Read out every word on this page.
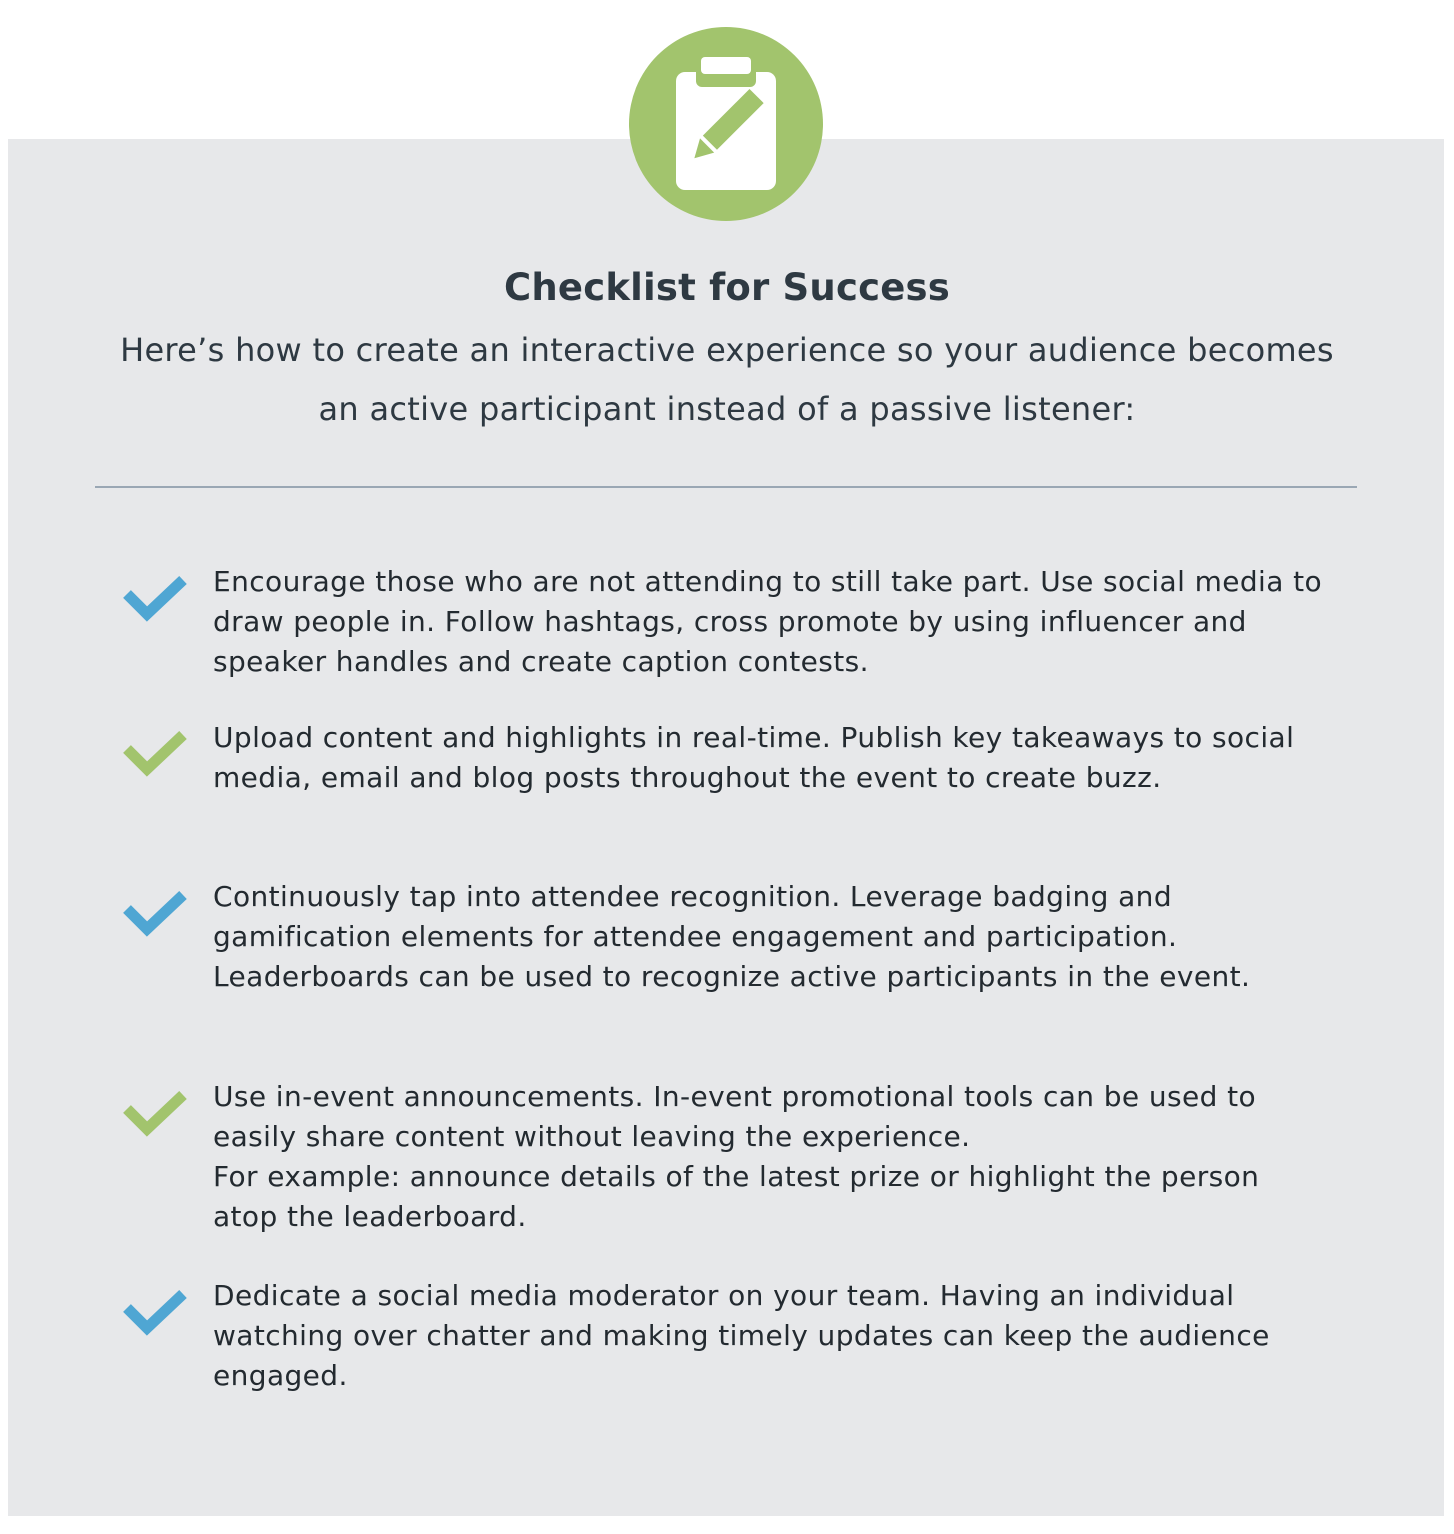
Checklist for Success
Here’s how to create an interactive experience so your audience becomes an active participant instead of a passive listener:
Encourage those who are not attending to still take part. Use social media to draw people in. Follow hashtags, cross promote by using influencer and speaker handles and create caption contests.
Upload content and highlights in real-time. Publish key takeaways to social media, email and blog posts throughout the event to create buzz.
Continuously tap into attendee recognition. Leverage badging and gamification elements for attendee engagement and participation. Leaderboards can be used to recognize active participants in the event.
Use in-event announcements. In-event promotional tools can be used to easily share content without leaving the experience.
For example: announce details of the latest prize or highlight the person atop the leaderboard.
Dedicate a social media moderator on your team. Having an individual watching over chatter and making timely updates can keep the audience engaged.
